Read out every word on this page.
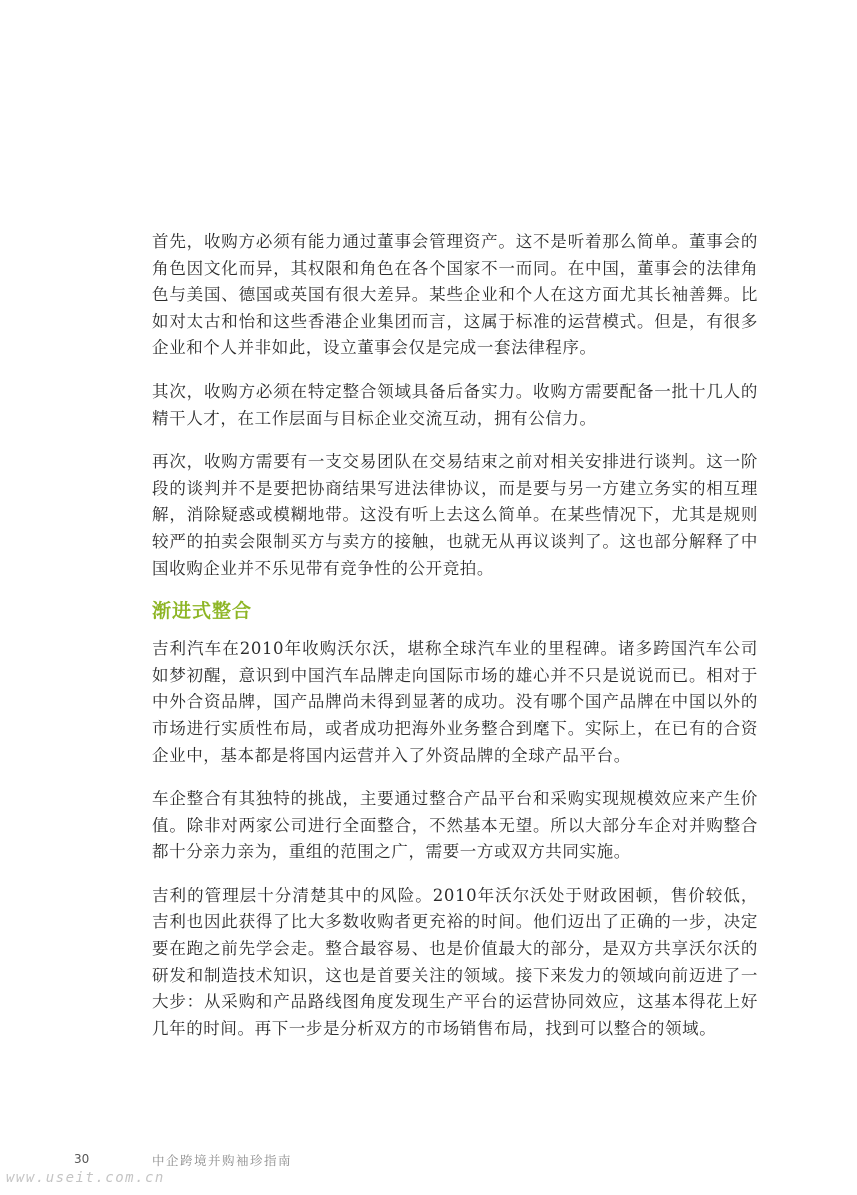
首先，收购方必须有能力通过董事会管理资产。这不是听着那么简单。董事会的角色因文化而异，其权限和角色在各个国家不一而同。在中国，董事会的法律角色与美国、德国或英国有很大差异。某些企业和个人在这方面尤其长袖善舞。比如对太古和怡和这些香港企业集团而言，这属于标准的运营模式。但是，有很多企业和个人并非如此，设立董事会仅是完成一套法律程序。

其次，收购方必须在特定整合领域具备后备实力。收购方需要配备一批十几人的精干人才，在工作层面与目标企业交流互动，拥有公信力。

再次，收购方需要有一支交易团队在交易结束之前对相关安排进行谈判。这一阶段的谈判并不是要把协商结果写进法律协议，而是要与另一方建立务实的相互理解，消除疑惑或模糊地带。这没有听上去这么简单。在某些情况下，尤其是规则较严的拍卖会限制买方与卖方的接触，也就无从再议谈判了。这也部分解释了中国收购企业并不乐见带有竞争性的公开竞拍。

渐进式整合

吉利汽车在2010年收购沃尔沃，堪称全球汽车业的里程碑。诸多跨国汽车公司如梦初醒，意识到中国汽车品牌走向国际市场的雄心并不只是说说而已。相对于中外合资品牌，国产品牌尚未得到显著的成功。没有哪个国产品牌在中国以外的市场进行实质性布局，或者成功把海外业务整合到麾下。实际上，在已有的合资企业中，基本都是将国内运营并入了外资品牌的全球产品平台。

车企整合有其独特的挑战，主要通过整合产品平台和采购实现规模效应来产生价值。除非对两家公司进行全面整合，不然基本无望。所以大部分车企对并购整合都十分亲力亲为，重组的范围之广，需要一方或双方共同实施。

吉利的管理层十分清楚其中的风险。2010年沃尔沃处于财政困顿，售价较低，吉利也因此获得了比大多数收购者更充裕的时间。他们迈出了正确的一步，决定要在跑之前先学会走。整合最容易、也是价值最大的部分，是双方共享沃尔沃的研发和制造技术知识，这也是首要关注的领域。接下来发力的领域向前迈进了一大步：从采购和产品路线图角度发现生产平台的运营协同效应，这基本得花上好几年的时间。再下一步是分析双方的市场销售布局，找到可以整合的领域。

30	中企跨境并购袖珍指南
www.useit.com.cn
